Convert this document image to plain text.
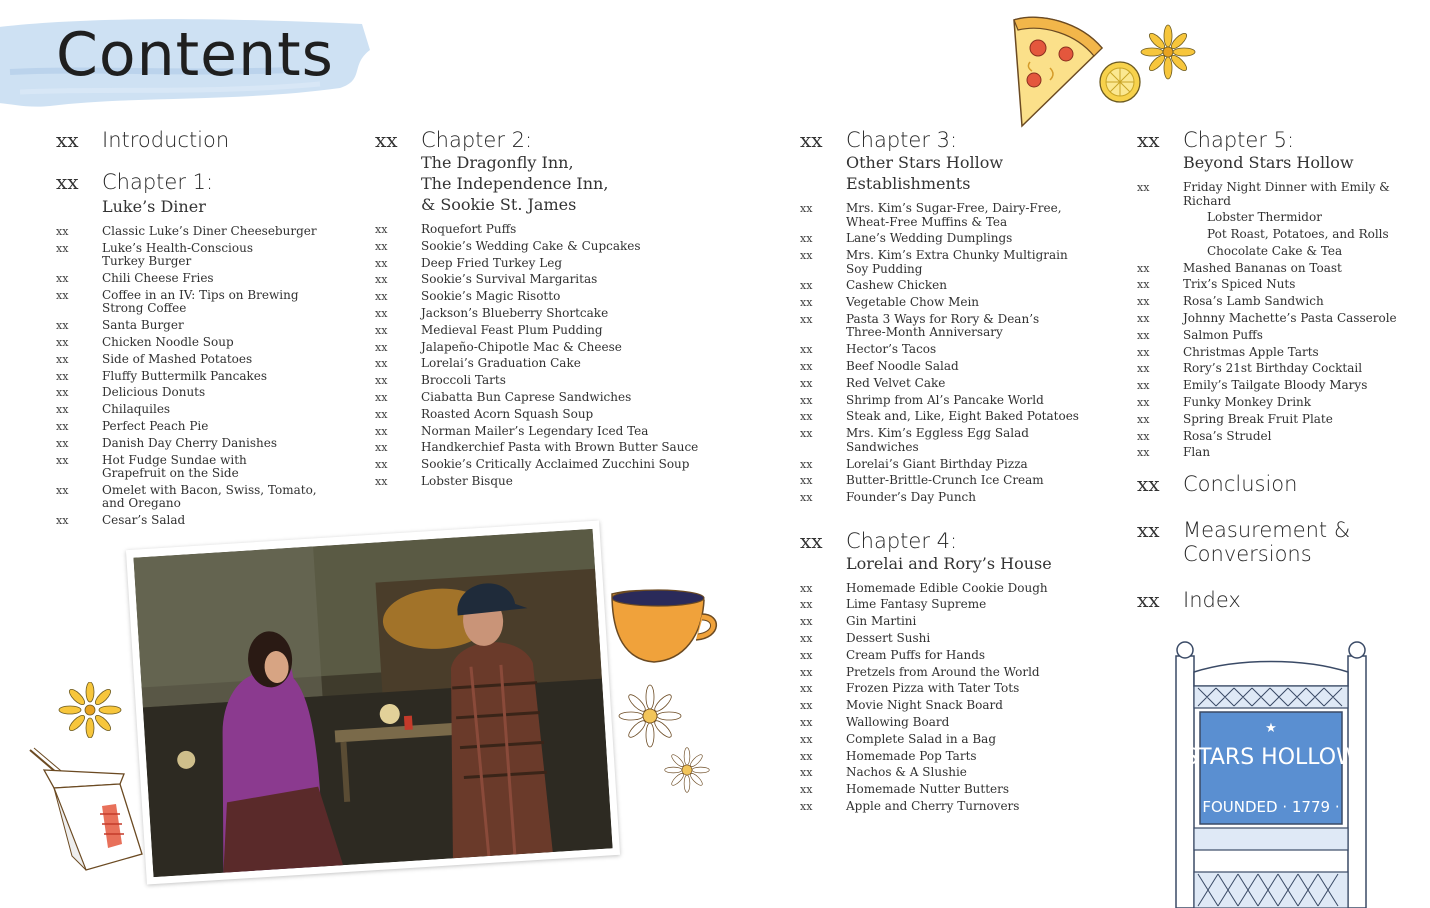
Contents
xx	Introduction
xx	Chapter 1:
Luke’s Diner
xx	Classic Luke’s Diner Cheeseburger
xx	Luke’s Health-Conscious
Turkey Burger
xx	Chili Cheese Fries
xx	Coffee in an IV: Tips on Brewing
Strong Coffee
xx	Santa Burger
xx	Chicken Noodle Soup
xx	Side of Mashed Potatoes
xx	Fluffy Buttermilk Pancakes
xx	Delicious Donuts
xx	Chilaquiles
xx	Perfect Peach Pie
xx	Danish Day Cherry Danishes
xx	Hot Fudge Sundae with
Grapefruit on the Side
xx	Omelet with Bacon, Swiss, Tomato,
and Oregano
xx	Cesar’s Salad
xx	Chapter 2:
The Dragonfly Inn,
The Independence Inn,
& Sookie St. James
xx	Roquefort Puffs
xx	Sookie’s Wedding Cake & Cupcakes
xx	Deep Fried Turkey Leg
xx	Sookie’s Survival Margaritas
xx	Sookie’s Magic Risotto
xx	Jackson’s Blueberry Shortcake
xx	Medieval Feast Plum Pudding
xx	Jalapeño-Chipotle Mac & Cheese
xx	Lorelai’s Graduation Cake
xx	Broccoli Tarts
xx	Ciabatta Bun Caprese Sandwiches
xx	Roasted Acorn Squash Soup
xx	Norman Mailer’s Legendary Iced Tea
xx	Handkerchief Pasta with Brown Butter Sauce
xx	Sookie’s Critically Acclaimed Zucchini Soup
xx	Lobster Bisque
xx	Chapter 3:
Other Stars Hollow
Establishments
xx	Mrs. Kim’s Sugar-Free, Dairy-Free,
Wheat-Free Muffins & Tea
xx	Lane’s Wedding Dumplings
xx	Mrs. Kim’s Extra Chunky Multigrain
Soy Pudding
xx	Cashew Chicken
xx	Vegetable Chow Mein
xx	Pasta 3 Ways for Rory & Dean’s
Three-Month Anniversary
xx	Hector’s Tacos
xx	Beef Noodle Salad
xx	Red Velvet Cake
xx	Shrimp from Al’s Pancake World
xx	Steak and, Like, Eight Baked Potatoes
xx	Mrs. Kim’s Eggless Egg Salad Sandwiches
xx	Lorelai’s Giant Birthday Pizza
xx	Butter-Brittle-Crunch Ice Cream
xx	Founder’s Day Punch
xx	Chapter 4:
Lorelai and Rory’s House
xx	Homemade Edible Cookie Dough
xx	Lime Fantasy Supreme
xx	Gin Martini
xx	Dessert Sushi
xx	Cream Puffs for Hands
xx	Pretzels from Around the World
xx	Frozen Pizza with Tater Tots
xx	Movie Night Snack Board
xx	Wallowing Board
xx	Complete Salad in a Bag
xx	Homemade Pop Tarts
xx	Nachos & A Slushie
xx	Homemade Nutter Butters
xx	Apple and Cherry Turnovers
xx	Chapter 5:
Beyond Stars Hollow
xx	Friday Night Dinner with Emily & Richard
Lobster Thermidor
Pot Roast, Potatoes, and Rolls
Chocolate Cake & Tea
xx	Mashed Bananas on Toast
xx	Trix’s Spiced Nuts
xx	Rosa’s Lamb Sandwich
xx	Johnny Machette’s Pasta Casserole
xx	Salmon Puffs
xx	Christmas Apple Tarts
xx	Rory’s 21st Birthday Cocktail
xx	Emily’s Tailgate Bloody Marys
xx	Funky Monkey Drink
xx	Spring Break Fruit Plate
xx	Rosa’s Strudel
xx	Flan
xx	Conclusion
xx	Measurement &
Conversions
xx	Index
★
STARS HOLLOW
FOUNDED · 1779 ·
